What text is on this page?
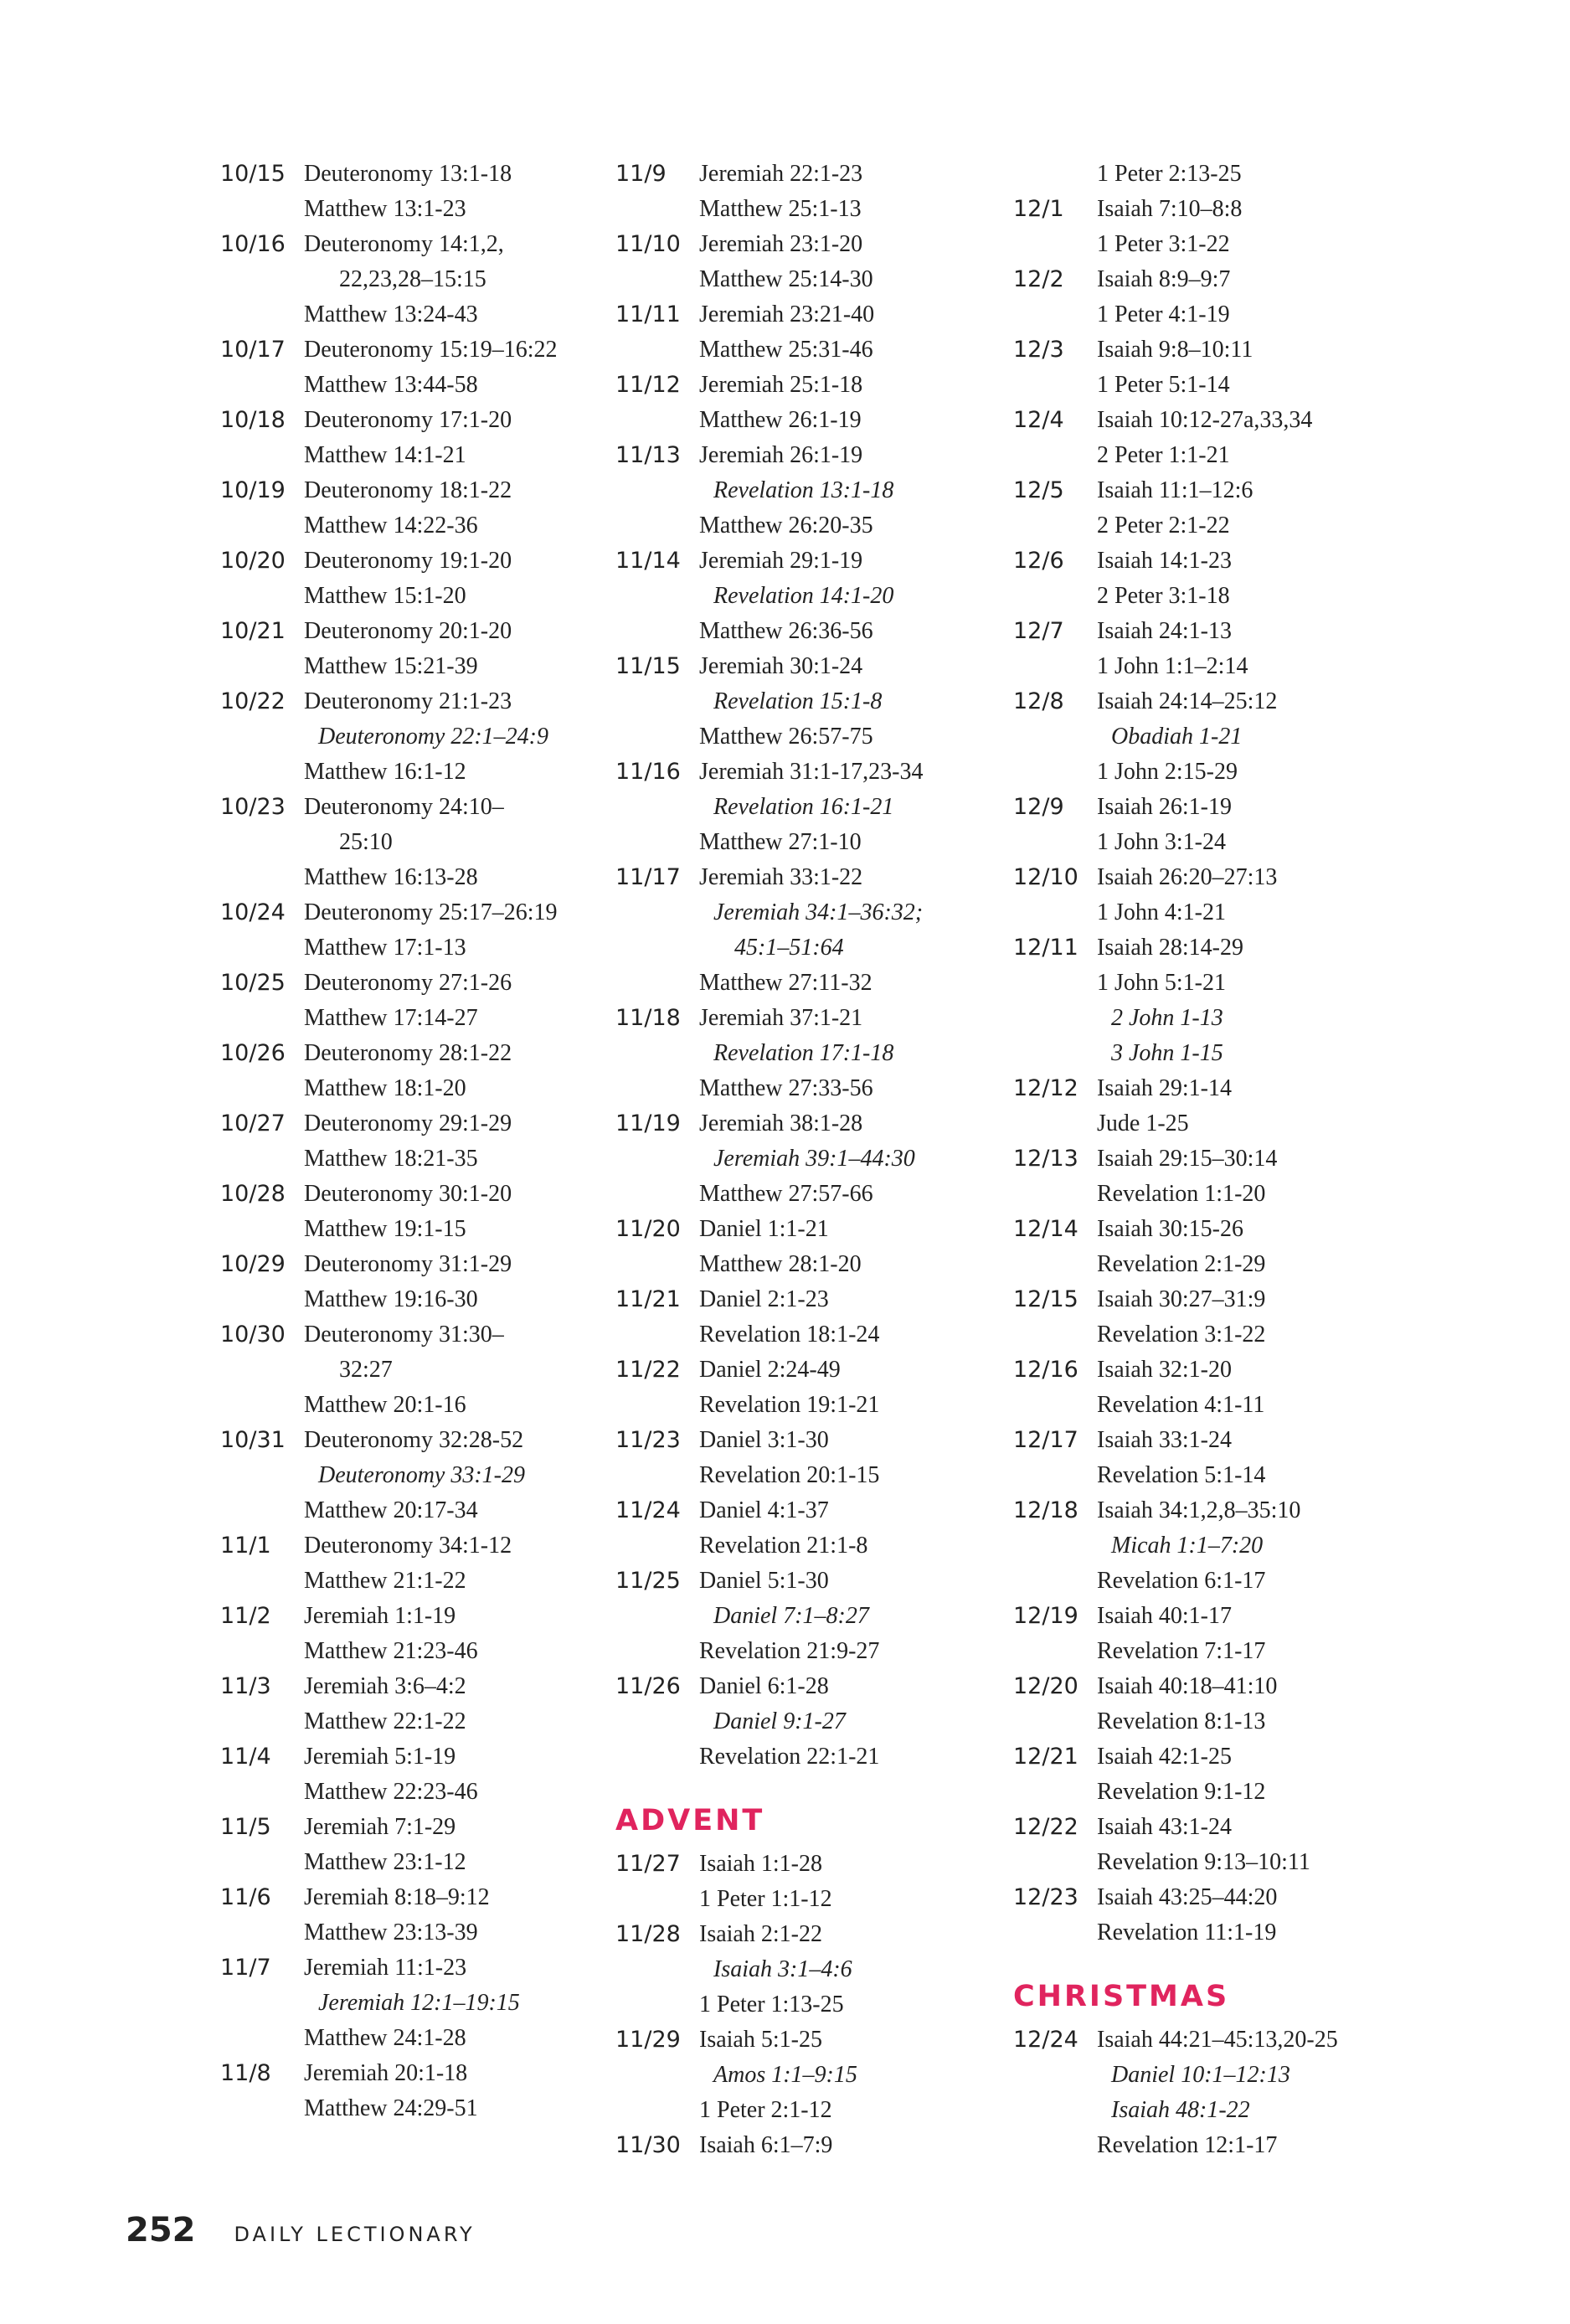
10/15 Deuteronomy 13:1-18
Matthew 13:1-23
10/16 Deuteronomy 14:1,2,
22,23,28–15:15
Matthew 13:24-43
10/17 Deuteronomy 15:19–16:22
Matthew 13:44-58
10/18 Deuteronomy 17:1-20
Matthew 14:1-21
10/19 Deuteronomy 18:1-22
Matthew 14:22-36
10/20 Deuteronomy 19:1-20
Matthew 15:1-20
10/21 Deuteronomy 20:1-20
Matthew 15:21-39
10/22 Deuteronomy 21:1-23
Deuteronomy 22:1–24:9
Matthew 16:1-12
10/23 Deuteronomy 24:10–
25:10
Matthew 16:13-28
10/24 Deuteronomy 25:17–26:19
Matthew 17:1-13
10/25 Deuteronomy 27:1-26
Matthew 17:14-27
10/26 Deuteronomy 28:1-22
Matthew 18:1-20
10/27 Deuteronomy 29:1-29
Matthew 18:21-35
10/28 Deuteronomy 30:1-20
Matthew 19:1-15
10/29 Deuteronomy 31:1-29
Matthew 19:16-30
10/30 Deuteronomy 31:30–
32:27
Matthew 20:1-16
10/31 Deuteronomy 32:28-52
Deuteronomy 33:1-29
Matthew 20:17-34
11/1	Deuteronomy 34:1-12
Matthew 21:1-22
11/2	Jeremiah 1:1-19
Matthew 21:23-46
11/3	Jeremiah 3:6–4:2
Matthew 22:1-22
11/4	Jeremiah 5:1-19
Matthew 22:23-46
11/5	Jeremiah 7:1-29
Matthew 23:1-12
11/6	Jeremiah 8:18–9:12
Matthew 23:13-39
11/7	Jeremiah 11:1-23
Jeremiah 12:1–19:15
Matthew 24:1-28
11/8	Jeremiah 20:1-18
Matthew 24:29-51
11/9	Jeremiah 22:1-23
Matthew 25:1-13
11/10 Jeremiah 23:1-20
Matthew 25:14-30
11/11 Jeremiah 23:21-40
Matthew 25:31-46
11/12 Jeremiah 25:1-18
Matthew 26:1-19
11/13 Jeremiah 26:1-19
Revelation 13:1-18
Matthew 26:20-35
11/14 Jeremiah 29:1-19
Revelation 14:1-20
Matthew 26:36-56
11/15 Jeremiah 30:1-24
Revelation 15:1-8
Matthew 26:57-75
11/16 Jeremiah 31:1-17,23-34
Revelation 16:1-21
Matthew 27:1-10
11/17 Jeremiah 33:1-22
Jeremiah 34:1–36:32;
45:1–51:64
Matthew 27:11-32
11/18 Jeremiah 37:1-21
Revelation 17:1-18
Matthew 27:33-56
11/19 Jeremiah 38:1-28
Jeremiah 39:1–44:30
Matthew 27:57-66
11/20 Daniel 1:1-21
Matthew 28:1-20
11/21 Daniel 2:1-23
Revelation 18:1-24
11/22 Daniel 2:24-49
Revelation 19:1-21
11/23 Daniel 3:1-30
Revelation 20:1-15
11/24 Daniel 4:1-37
Revelation 21:1-8
11/25 Daniel 5:1-30
Daniel 7:1–8:27
Revelation 21:9-27
11/26 Daniel 6:1-28
Daniel 9:1-27
Revelation 22:1-21
ADVENT
11/27 Isaiah 1:1-28
1 Peter 1:1-12
11/28 Isaiah 2:1-22
Isaiah 3:1–4:6
1 Peter 1:13-25
11/29 Isaiah 5:1-25
Amos 1:1–9:15
1 Peter 2:1-12
11/30 Isaiah 6:1–7:9
1 Peter 2:13-25
12/1	Isaiah 7:10–8:8
1 Peter 3:1-22
12/2	Isaiah 8:9–9:7
1 Peter 4:1-19
12/3	Isaiah 9:8–10:11
1 Peter 5:1-14
12/4	Isaiah 10:12-27a,33,34
2 Peter 1:1-21
12/5	Isaiah 11:1–12:6
2 Peter 2:1-22
12/6	Isaiah 14:1-23
2 Peter 3:1-18
12/7	Isaiah 24:1-13
1 John 1:1–2:14
12/8	Isaiah 24:14–25:12
Obadiah 1-21
1 John 2:15-29
12/9	Isaiah 26:1-19
1 John 3:1-24
12/10 Isaiah 26:20–27:13
1 John 4:1-21
12/11 Isaiah 28:14-29
1 John 5:1-21
2 John 1-13
3 John 1-15
12/12 Isaiah 29:1-14
Jude 1-25
12/13 Isaiah 29:15–30:14
Revelation 1:1-20
12/14 Isaiah 30:15-26
Revelation 2:1-29
12/15 Isaiah 30:27–31:9
Revelation 3:1-22
12/16 Isaiah 32:1-20
Revelation 4:1-11
12/17 Isaiah 33:1-24
Revelation 5:1-14
12/18 Isaiah 34:1,2,8–35:10
Micah 1:1–7:20
Revelation 6:1-17
12/19 Isaiah 40:1-17
Revelation 7:1-17
12/20 Isaiah 40:18–41:10
Revelation 8:1-13
12/21 Isaiah 42:1-25
Revelation 9:1-12
12/22 Isaiah 43:1-24
Revelation 9:13–10:11
12/23 Isaiah 43:25–44:20
Revelation 11:1-19
CHRISTMAS
12/24 Isaiah 44:21–45:13,20-25
Daniel 10:1–12:13
Isaiah 48:1-22
Revelation 12:1-17
252 DAILY LECTIONARY
